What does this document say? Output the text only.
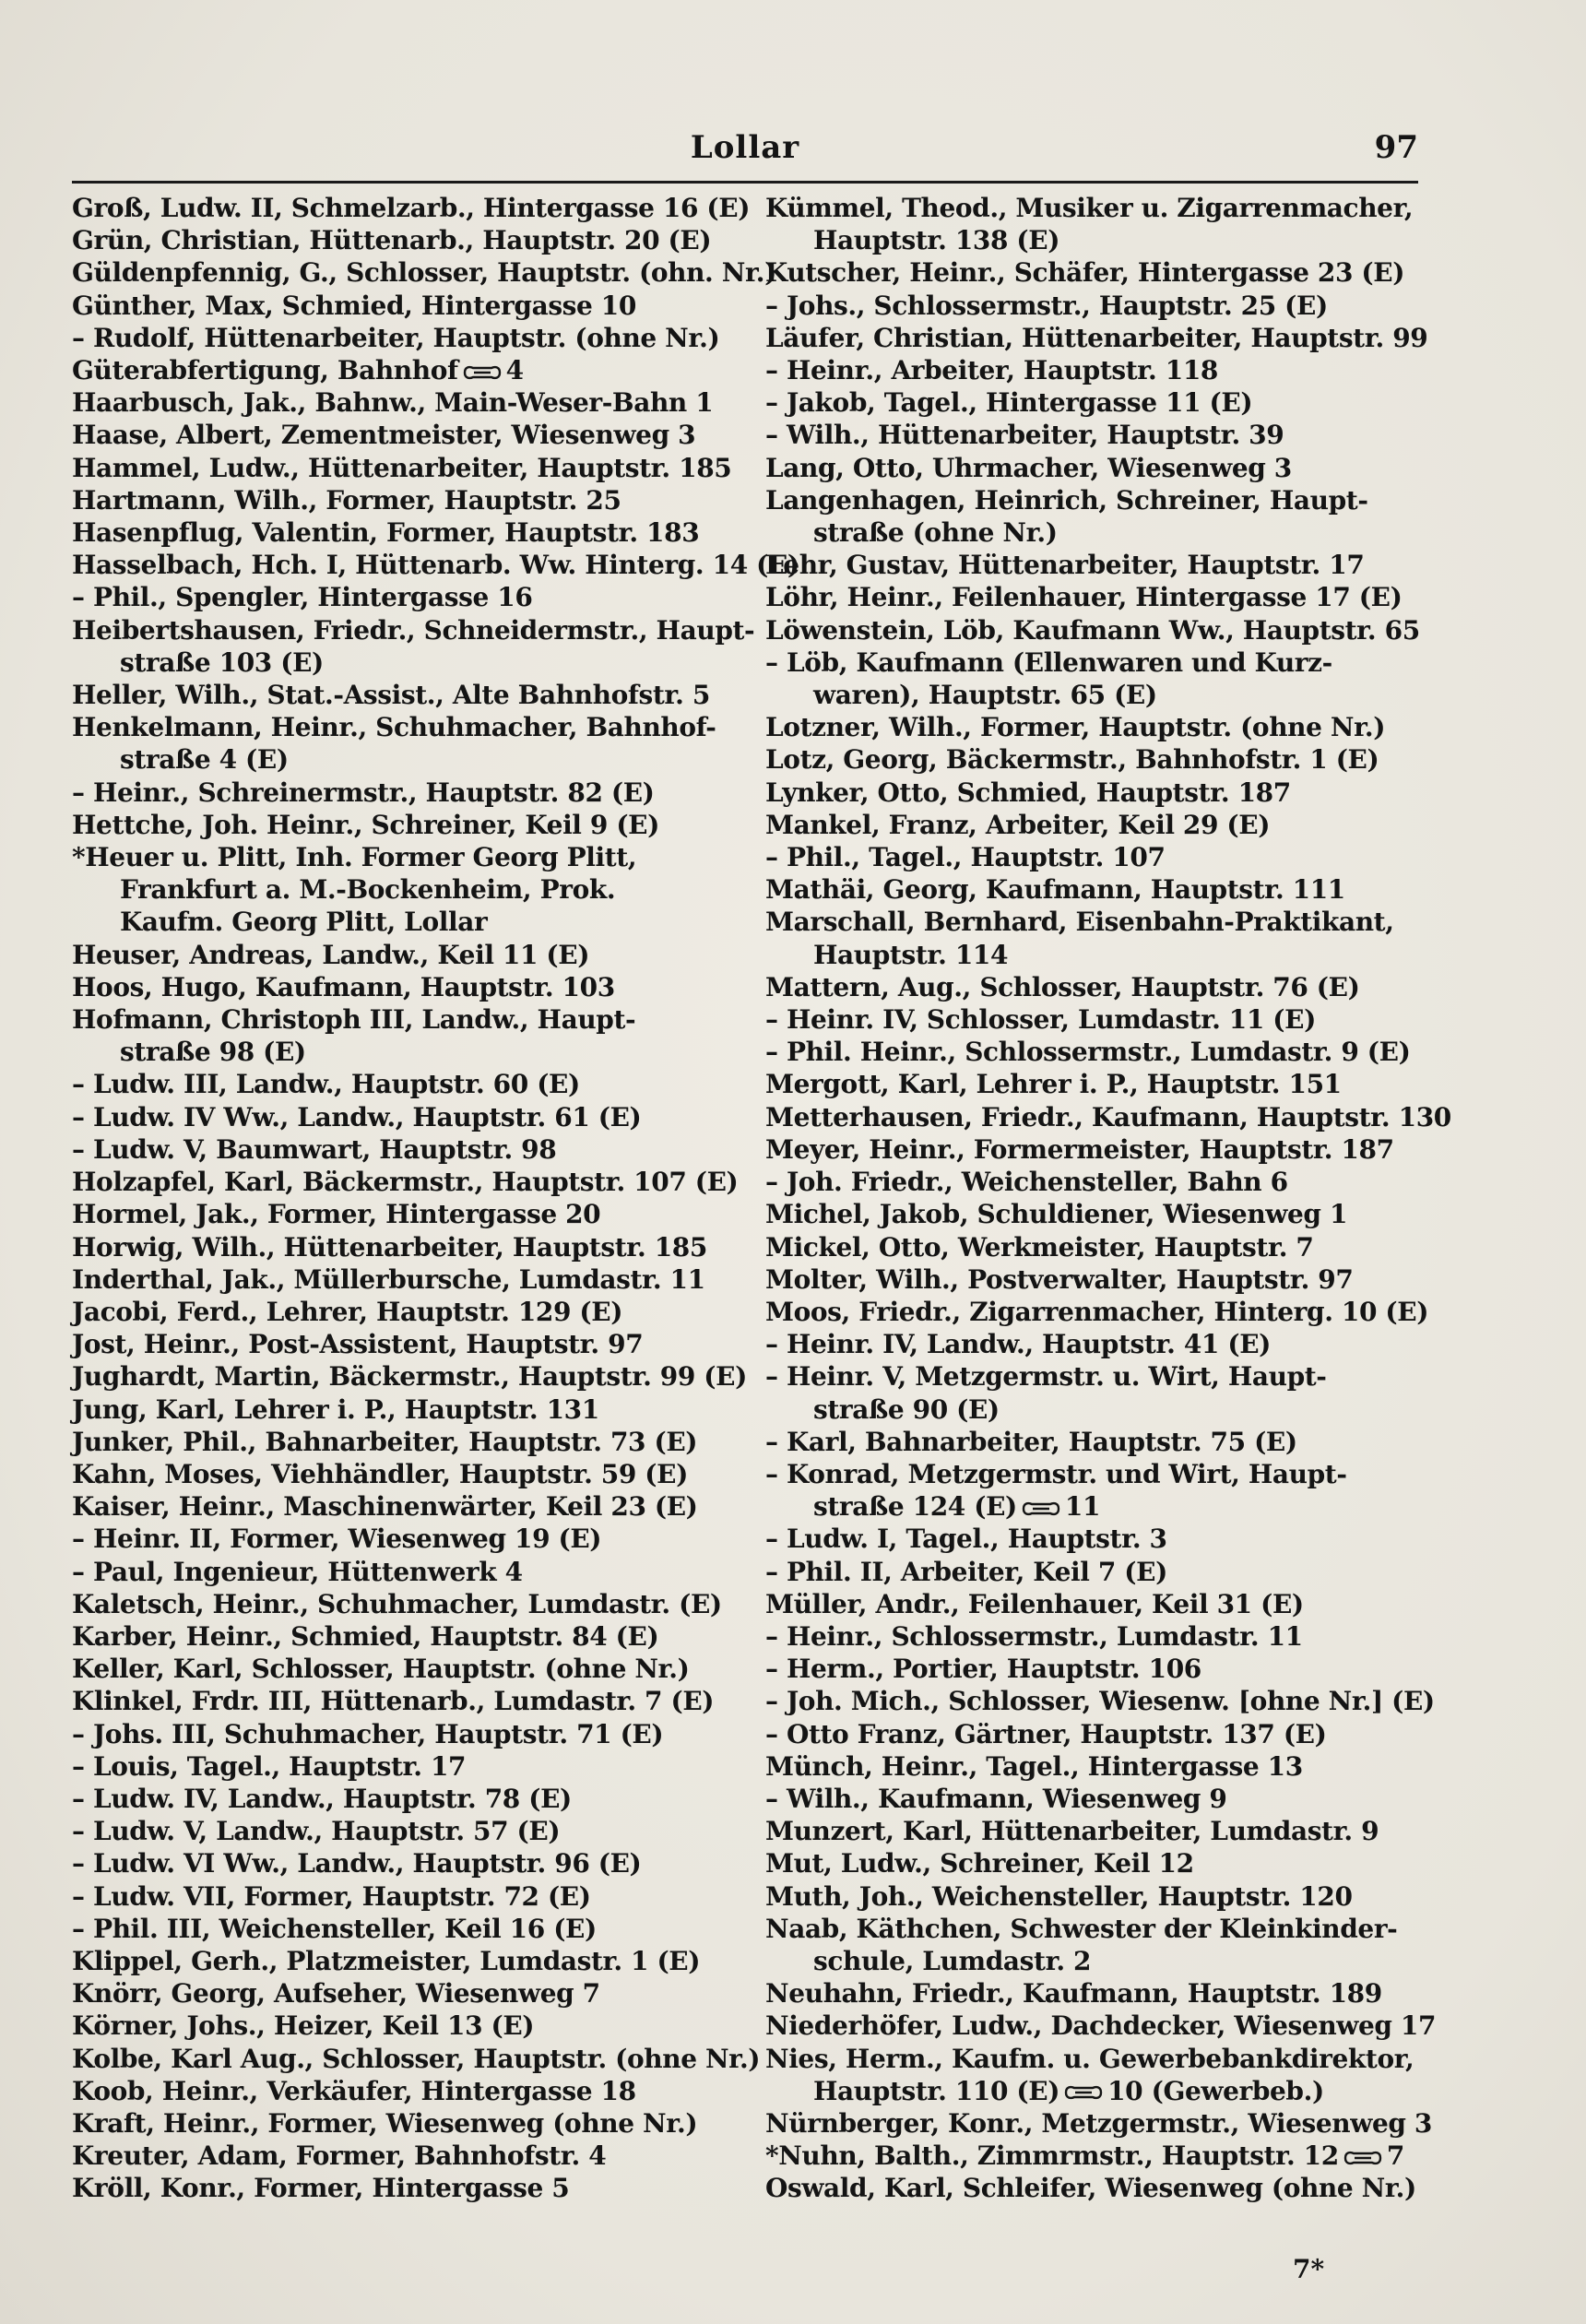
Lollar	97
Groß, Ludw. II, Schmelzarb., Hintergasse 16 (E)
Grün, Christian, Hüttenarb., Hauptstr. 20 (E)
Güldenpfennig, G., Schlosser, Hauptstr. (ohn. Nr.)
Günther, Max, Schmied, Hintergasse 10
– Rudolf, Hüttenarbeiter, Hauptstr. (ohne Nr.)
Güterabfertigung, Bahnhof 4
Haarbusch, Jak., Bahnw., Main-Weser-Bahn 1
Haase, Albert, Zementmeister, Wiesenweg 3
Hammel, Ludw., Hüttenarbeiter, Hauptstr. 185
Hartmann, Wilh., Former, Hauptstr. 25
Hasenpflug, Valentin, Former, Hauptstr. 183
Hasselbach, Hch. I, Hüttenarb. Ww. Hinterg. 14 (E)
– Phil., Spengler, Hintergasse 16
Heibertshausen, Friedr., Schneidermstr., Haupt-
straße 103 (E)
Heller, Wilh., Stat.-Assist., Alte Bahnhofstr. 5
Henkelmann, Heinr., Schuhmacher, Bahnhof-
straße 4 (E)
– Heinr., Schreinermstr., Hauptstr. 82 (E)
Hettche, Joh. Heinr., Schreiner, Keil 9 (E)
*Heuer u. Plitt, Inh. Former Georg Plitt,
Frankfurt a. M.-Bockenheim, Prok.
Kaufm. Georg Plitt, Lollar
Heuser, Andreas, Landw., Keil 11 (E)
Hoos, Hugo, Kaufmann, Hauptstr. 103
Hofmann, Christoph III, Landw., Haupt-
straße 98 (E)
– Ludw. III, Landw., Hauptstr. 60 (E)
– Ludw. IV Ww., Landw., Hauptstr. 61 (E)
– Ludw. V, Baumwart, Hauptstr. 98
Holzapfel, Karl, Bäckermstr., Hauptstr. 107 (E)
Hormel, Jak., Former, Hintergasse 20
Horwig, Wilh., Hüttenarbeiter, Hauptstr. 185
Inderthal, Jak., Müllerbursche, Lumdastr. 11
Jacobi, Ferd., Lehrer, Hauptstr. 129 (E)
Jost, Heinr., Post-Assistent, Hauptstr. 97
Jughardt, Martin, Bäckermstr., Hauptstr. 99 (E)
Jung, Karl, Lehrer i. P., Hauptstr. 131
Junker, Phil., Bahnarbeiter, Hauptstr. 73 (E)
Kahn, Moses, Viehhändler, Hauptstr. 59 (E)
Kaiser, Heinr., Maschinenwärter, Keil 23 (E)
– Heinr. II, Former, Wiesenweg 19 (E)
– Paul, Ingenieur, Hüttenwerk 4
Kaletsch, Heinr., Schuhmacher, Lumdastr. (E)
Karber, Heinr., Schmied, Hauptstr. 84 (E)
Keller, Karl, Schlosser, Hauptstr. (ohne Nr.)
Klinkel, Frdr. III, Hüttenarb., Lumdastr. 7 (E)
– Johs. III, Schuhmacher, Hauptstr. 71 (E)
– Louis, Tagel., Hauptstr. 17
– Ludw. IV, Landw., Hauptstr. 78 (E)
– Ludw. V, Landw., Hauptstr. 57 (E)
– Ludw. VI Ww., Landw., Hauptstr. 96 (E)
– Ludw. VII, Former, Hauptstr. 72 (E)
– Phil. III, Weichensteller, Keil 16 (E)
Klippel, Gerh., Platzmeister, Lumdastr. 1 (E)
Knörr, Georg, Aufseher, Wiesenweg 7
Körner, Johs., Heizer, Keil 13 (E)
Kolbe, Karl Aug., Schlosser, Hauptstr. (ohne Nr.)
Koob, Heinr., Verkäufer, Hintergasse 18
Kraft, Heinr., Former, Wiesenweg (ohne Nr.)
Kreuter, Adam, Former, Bahnhofstr. 4
Kröll, Konr., Former, Hintergasse 5
Kümmel, Theod., Musiker u. Zigarrenmacher,
Hauptstr. 138 (E)
Kutscher, Heinr., Schäfer, Hintergasse 23 (E)
– Johs., Schlossermstr., Hauptstr. 25 (E)
Läufer, Christian, Hüttenarbeiter, Hauptstr. 99
– Heinr., Arbeiter, Hauptstr. 118
– Jakob, Tagel., Hintergasse 11 (E)
– Wilh., Hüttenarbeiter, Hauptstr. 39
Lang, Otto, Uhrmacher, Wiesenweg 3
Langenhagen, Heinrich, Schreiner, Haupt-
straße (ohne Nr.)
Lehr, Gustav, Hüttenarbeiter, Hauptstr. 17
Löhr, Heinr., Feilenhauer, Hintergasse 17 (E)
Löwenstein, Löb, Kaufmann Ww., Hauptstr. 65
– Löb, Kaufmann (Ellenwaren und Kurz-
waren), Hauptstr. 65 (E)
Lotzner, Wilh., Former, Hauptstr. (ohne Nr.)
Lotz, Georg, Bäckermstr., Bahnhofstr. 1 (E)
Lynker, Otto, Schmied, Hauptstr. 187
Mankel, Franz, Arbeiter, Keil 29 (E)
– Phil., Tagel., Hauptstr. 107
Mathäi, Georg, Kaufmann, Hauptstr. 111
Marschall, Bernhard, Eisenbahn-Praktikant,
Hauptstr. 114
Mattern, Aug., Schlosser, Hauptstr. 76 (E)
– Heinr. IV, Schlosser, Lumdastr. 11 (E)
– Phil. Heinr., Schlossermstr., Lumdastr. 9 (E)
Mergott, Karl, Lehrer i. P., Hauptstr. 151
Metterhausen, Friedr., Kaufmann, Hauptstr. 130
Meyer, Heinr., Formermeister, Hauptstr. 187
– Joh. Friedr., Weichensteller, Bahn 6
Michel, Jakob, Schuldiener, Wiesenweg 1
Mickel, Otto, Werkmeister, Hauptstr. 7
Molter, Wilh., Postverwalter, Hauptstr. 97
Moos, Friedr., Zigarrenmacher, Hinterg. 10 (E)
– Heinr. IV, Landw., Hauptstr. 41 (E)
– Heinr. V, Metzgermstr. u. Wirt, Haupt-
straße 90 (E)
– Karl, Bahnarbeiter, Hauptstr. 75 (E)
– Konrad, Metzgermstr. und Wirt, Haupt-
straße 124 (E) 11
– Ludw. I, Tagel., Hauptstr. 3
– Phil. II, Arbeiter, Keil 7 (E)
Müller, Andr., Feilenhauer, Keil 31 (E)
– Heinr., Schlossermstr., Lumdastr. 11
– Herm., Portier, Hauptstr. 106
– Joh. Mich., Schlosser, Wiesenw. [ohne Nr.] (E)
– Otto Franz, Gärtner, Hauptstr. 137 (E)
Münch, Heinr., Tagel., Hintergasse 13
– Wilh., Kaufmann, Wiesenweg 9
Munzert, Karl, Hüttenarbeiter, Lumdastr. 9
Mut, Ludw., Schreiner, Keil 12
Muth, Joh., Weichensteller, Hauptstr. 120
Naab, Käthchen, Schwester der Kleinkinder-
schule, Lumdastr. 2
Neuhahn, Friedr., Kaufmann, Hauptstr. 189
Niederhöfer, Ludw., Dachdecker, Wiesenweg 17
Nies, Herm., Kaufm. u. Gewerbebankdirektor,
Hauptstr. 110 (E) 10 (Gewerbeb.)
Nürnberger, Konr., Metzgermstr., Wiesenweg 3
*Nuhn, Balth., Zimmrmstr., Hauptstr. 12 7
Oswald, Karl, Schleifer, Wiesenweg (ohne Nr.)
7*
